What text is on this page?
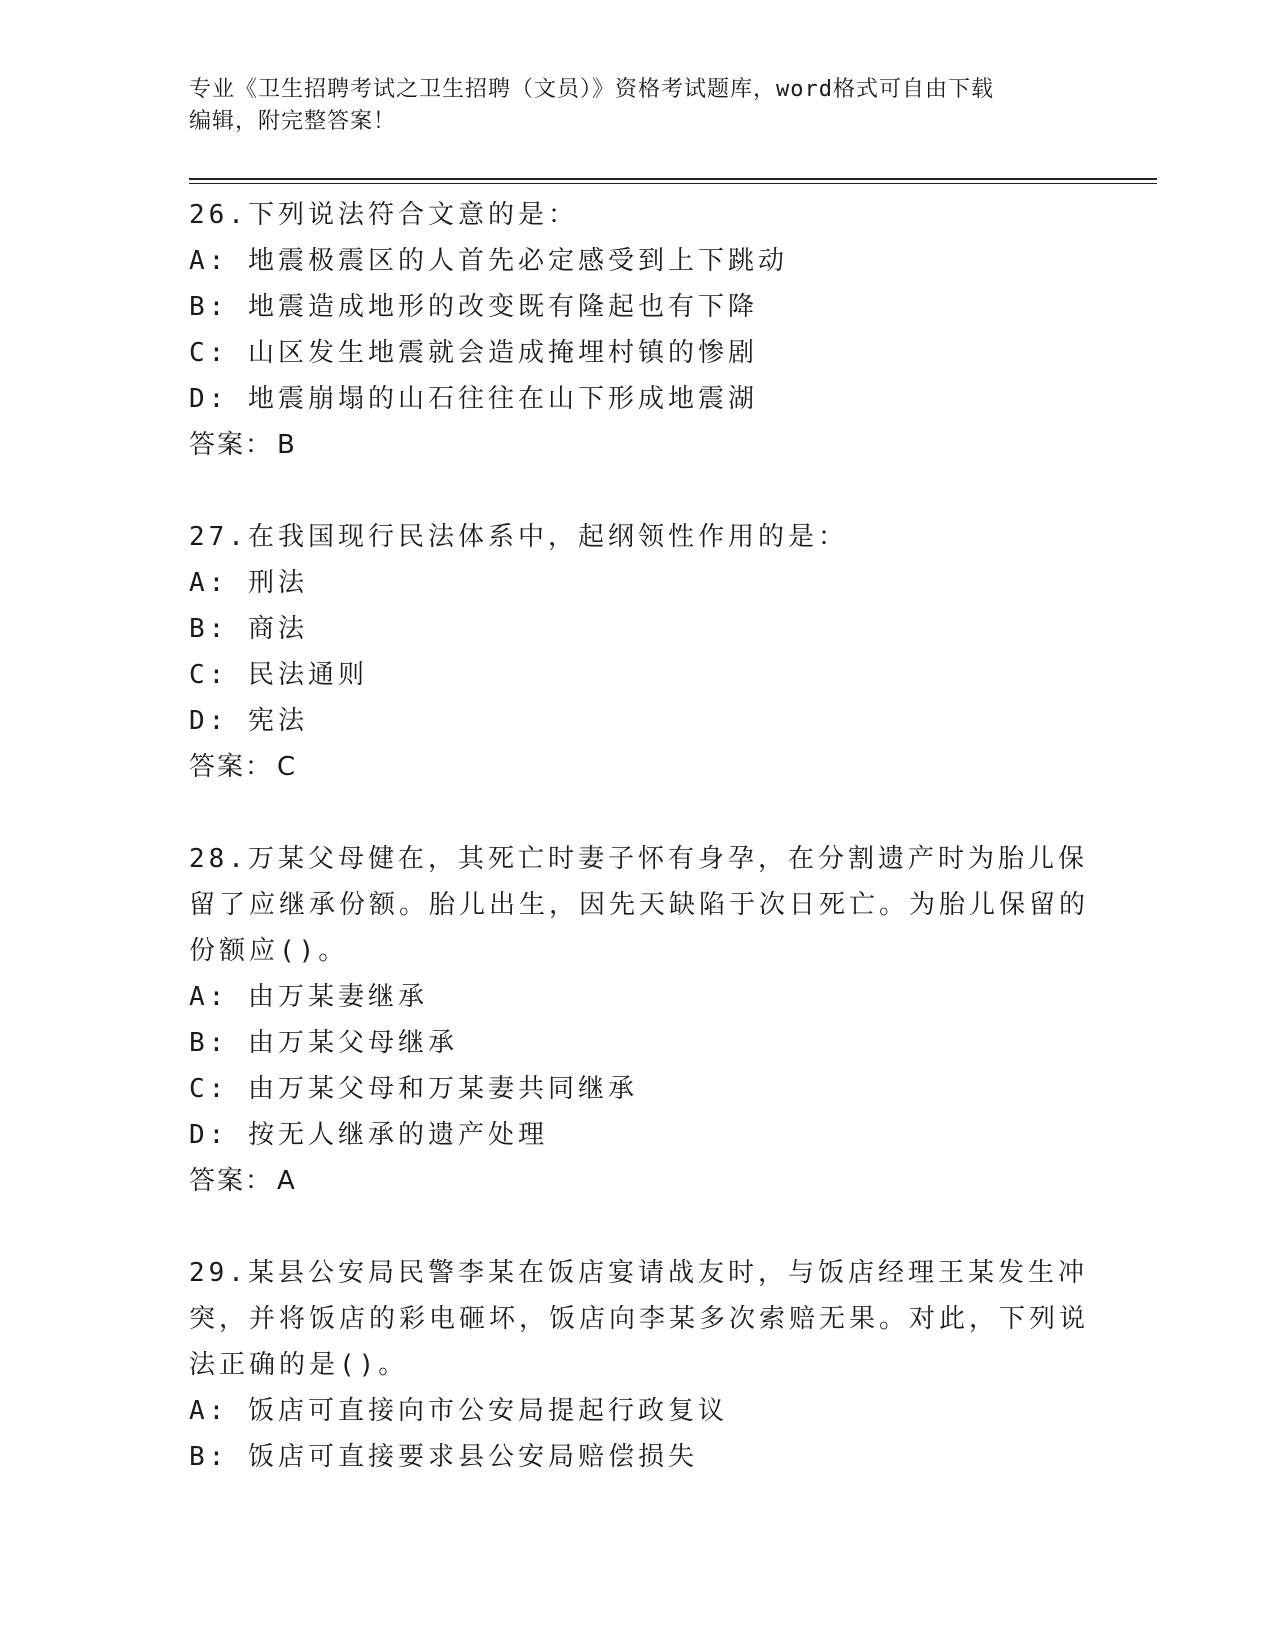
专业《卫生招聘考试之卫生招聘（文员）》资格考试题库，word格式可自由下载
编辑，附完整答案！
26.下列说法符合文意的是：
A: 地震极震区的人首先必定感受到上下跳动
B: 地震造成地形的改变既有隆起也有下降
C: 山区发生地震就会造成掩埋村镇的惨剧
D: 地震崩塌的山石往往在山下形成地震湖
答案： B
27.在我国现行民法体系中，起纲领性作用的是：
A: 刑法
B: 商法
C: 民法通则
D: 宪法
答案： C
28.万某父母健在，其死亡时妻子怀有身孕，在分割遗产时为胎儿保留了应继承份额。胎儿出生，因先天缺陷于次日死亡。为胎儿保留的份额应()。
A: 由万某妻继承
B: 由万某父母继承
C: 由万某父母和万某妻共同继承
D: 按无人继承的遗产处理
答案： A
29.某县公安局民警李某在饭店宴请战友时，与饭店经理王某发生冲突，并将饭店的彩电砸坏，饭店向李某多次索赔无果。对此，下列说法正确的是()。
A: 饭店可直接向市公安局提起行政复议
B: 饭店可直接要求县公安局赔偿损失
